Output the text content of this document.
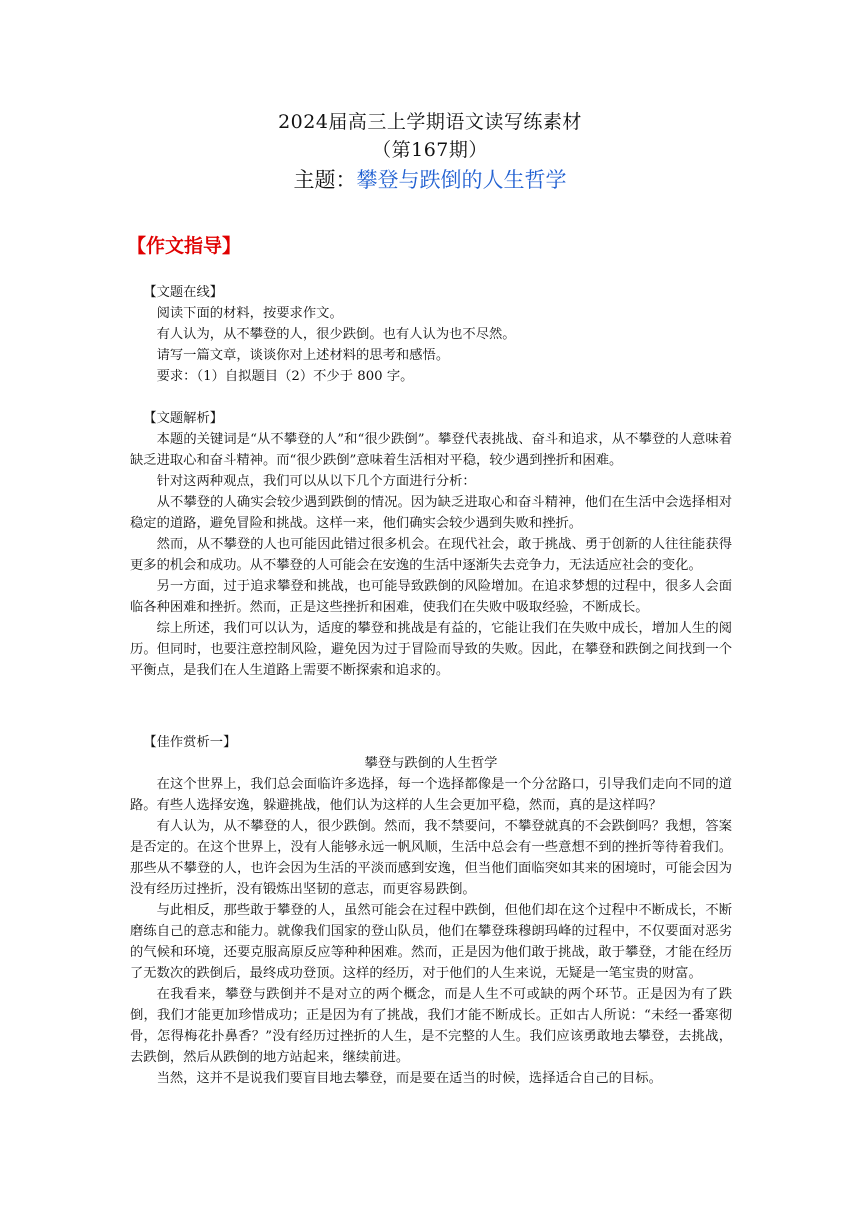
2024届高三上学期语文读写练素材
（第167期）
主题：攀登与跌倒的人生哲学
【作文指导】

【文题在线】

阅读下面的材料，按要求作文。

有人认为，从不攀登的人，很少跌倒。也有人认为也不尽然。

请写一篇文章，谈谈你对上述材料的思考和感悟。

要求：（1）自拟题目（2）不少于 800 字。

【文题解析】

本题的关键词是“从不攀登的人”和“很少跌倒”。攀登代表挑战、奋斗和追求，从不攀登的人意味着缺乏进取心和奋斗精神。而“很少跌倒”意味着生活相对平稳，较少遇到挫折和困难。

针对这两种观点，我们可以从以下几个方面进行分析：

从不攀登的人确实会较少遇到跌倒的情况。因为缺乏进取心和奋斗精神，他们在生活中会选择相对稳定的道路，避免冒险和挑战。这样一来，他们确实会较少遇到失败和挫折。

然而，从不攀登的人也可能因此错过很多机会。在现代社会，敢于挑战、勇于创新的人往往能获得更多的机会和成功。从不攀登的人可能会在安逸的生活中逐渐失去竞争力，无法适应社会的变化。

另一方面，过于追求攀登和挑战，也可能导致跌倒的风险增加。在追求梦想的过程中，很多人会面临各种困难和挫折。然而，正是这些挫折和困难，使我们在失败中吸取经验，不断成长。

综上所述，我们可以认为，适度的攀登和挑战是有益的，它能让我们在失败中成长，增加人生的阅历。但同时，也要注意控制风险，避免因为过于冒险而导致的失败。因此，在攀登和跌倒之间找到一个平衡点，是我们在人生道路上需要不断探索和追求的。

【佳作赏析一】

攀登与跌倒的人生哲学

在这个世界上，我们总会面临许多选择，每一个选择都像是一个分岔路口，引导我们走向不同的道路。有些人选择安逸，躲避挑战，他们认为这样的人生会更加平稳，然而，真的是这样吗？

有人认为，从不攀登的人，很少跌倒。然而，我不禁要问，不攀登就真的不会跌倒吗？我想，答案是否定的。在这个世界上，没有人能够永远一帆风顺，生活中总会有一些意想不到的挫折等待着我们。那些从不攀登的人，也许会因为生活的平淡而感到安逸，但当他们面临突如其来的困境时，可能会因为没有经历过挫折，没有锻炼出坚韧的意志，而更容易跌倒。

与此相反，那些敢于攀登的人，虽然可能会在过程中跌倒，但他们却在这个过程中不断成长，不断磨练自己的意志和能力。就像我们国家的登山队员，他们在攀登珠穆朗玛峰的过程中，不仅要面对恶劣的气候和环境，还要克服高原反应等种种困难。然而，正是因为他们敢于挑战，敢于攀登，才能在经历了无数次的跌倒后，最终成功登顶。这样的经历，对于他们的人生来说，无疑是一笔宝贵的财富。

在我看来，攀登与跌倒并不是对立的两个概念，而是人生不可或缺的两个环节。正是因为有了跌倒，我们才能更加珍惜成功；正是因为有了挑战，我们才能不断成长。正如古人所说：“未经一番寒彻骨，怎得梅花扑鼻香？”没有经历过挫折的人生，是不完整的人生。我们应该勇敢地去攀登，去挑战，去跌倒，然后从跌倒的地方站起来，继续前进。

当然，这并不是说我们要盲目地去攀登，而是要在适当的时候，选择适合自己的目标。
